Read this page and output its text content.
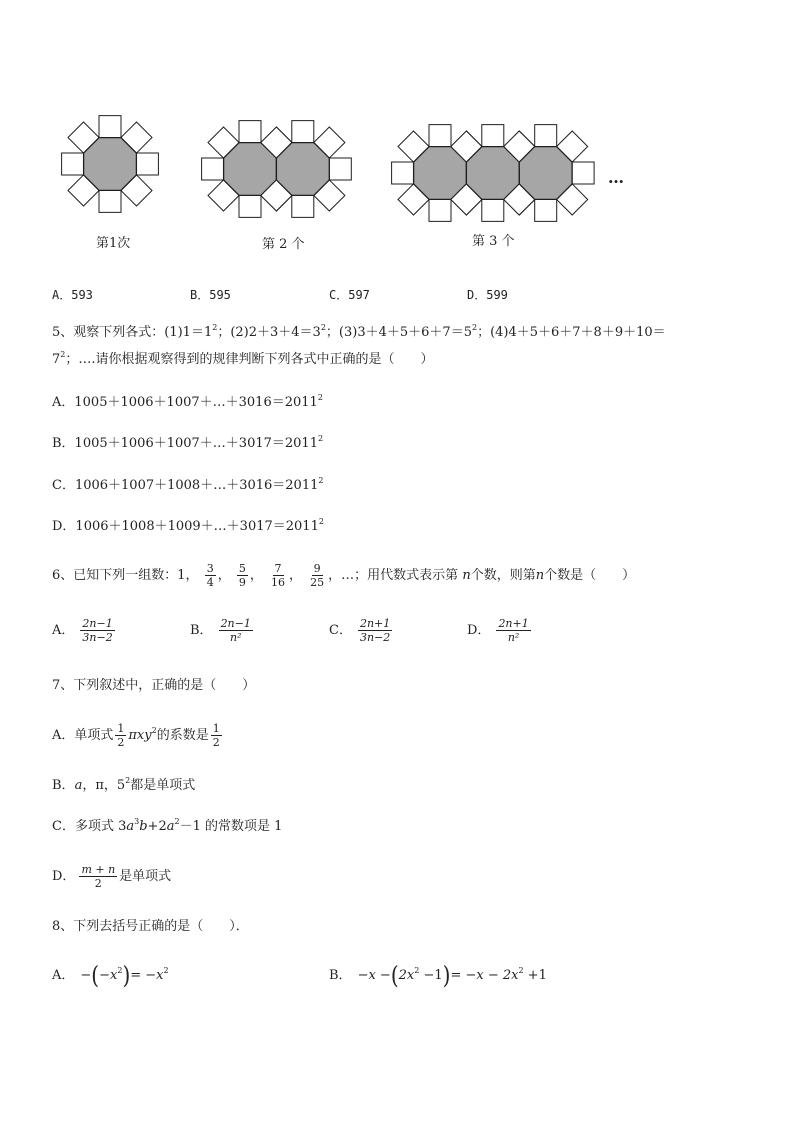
第1次	第 2 个	第 3 个
…
A．593	B．595	C．597	D．599
5、观察下列各式：$(1)1=1^2$；$(2)2+3+4=3^2$；$(3)3+4+5+6+7=5^2$；(4)4＋5＋6＋7＋8＋9＋10＝
$7^2$；….请你根据观察得到的规律判断下列各式中正确的是（　　）
A．$1005+1006+1007+\dots+3016=2011^2$
B．$1005+1006+1007+\dots+3017=2011^2$
C．$1006+1007+1008+\dots+3016=2011^2$
D．$1006+1008+1009+\dots+3017=2011^2$
6、已知下列一组数：1， $\frac{3}{4}$ ， $\frac{5}{9}$ ， $\frac{7}{16}$ ， $\frac{9}{25}$ ，…；用代数式表示第 n个数，则第n个数是（　　）
A． $\frac{2n-1}{3n-2}$	B． $\frac{2n-1}{\text{n²}}$	C． $\frac{2n+1}{3n-2}$	D． $\frac{2n+1}{\text{n²}}$
7、下列叙述中，正确的是（　　）
A．单项式 $\frac{1}{2} \pi xy^2$的系数是 $\frac{1}{2}$
B．a，π，$5^2$都是单项式
C．多项式 $3a^3b+2a^2-1$ 的常数项是 1
D． $\frac{m + n}{2}$ 是单项式
8、下列去括号正确的是（　　）．
A． $-(-x^2)= -x^2$	B． $-x -(2x^2 -1)= -x - 2x^2 +1$
